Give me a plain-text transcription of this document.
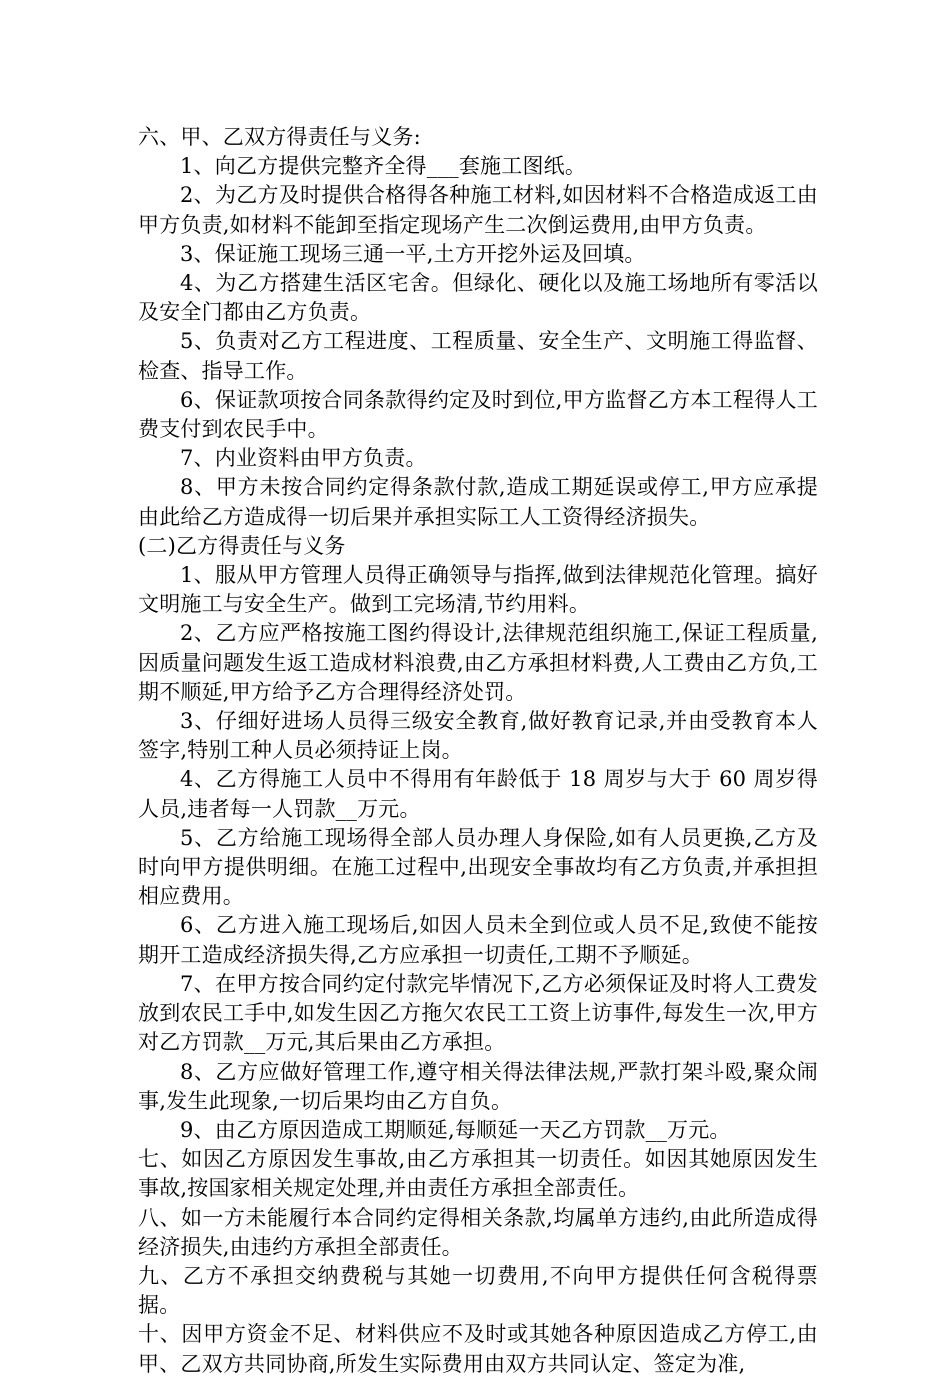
六、甲、乙双方得责任与义务:

1、向乙方提供完整齐全得___套施工图纸。

2、为乙方及时提供合格得各种施工材料,如因材料不合格造成返工由甲方负责,如材料不能卸至指定现场产生二次倒运费用,由甲方负责。

3、保证施工现场三通一平,土方开挖外运及回填。

4、为乙方搭建生活区宅舍。但绿化、硬化以及施工场地所有零活以及安全门都由乙方负责。

5、负责对乙方工程进度、工程质量、安全生产、文明施工得监督、检查、指导工作。

6、保证款项按合同条款得约定及时到位,甲方监督乙方本工程得人工费支付到农民手中。

7、内业资料由甲方负责。

8、甲方未按合同约定得条款付款,造成工期延误或停工,甲方应承提由此给乙方造成得一切后果并承担实际工人工资得经济损失。

(二)乙方得责任与义务

1、服从甲方管理人员得正确领导与指挥,做到法律规范化管理。搞好文明施工与安全生产。做到工完场清,节约用料。

2、乙方应严格按施工图约得设计,法律规范组织施工,保证工程质量,因质量问题发生返工造成材料浪费,由乙方承担材料费,人工费由乙方负,工期不顺延,甲方给予乙方合理得经济处罚。

3、仔细好进场人员得三级安全教育,做好教育记录,并由受教育本人签字,特别工种人员必须持证上岗。

4、乙方得施工人员中不得用有年龄低于 18 周岁与大于 60 周岁得人员,违者每一人罚款__万元。

5、乙方给施工现场得全部人员办理人身保险,如有人员更换,乙方及时向甲方提供明细。在施工过程中,出现安全事故均有乙方负责,并承担担相应费用。

6、乙方进入施工现场后,如因人员未全到位或人员不足,致使不能按期开工造成经济损失得,乙方应承担一切责任,工期不予顺延。

7、在甲方按合同约定付款完毕情况下,乙方必须保证及时将人工费发放到农民工手中,如发生因乙方拖欠农民工工资上访事件,每发生一次,甲方对乙方罚款__万元,其后果由乙方承担。

8、乙方应做好管理工作,遵守相关得法律法规,严款打架斗殴,聚众闹事,发生此现象,一切后果均由乙方自负。

9、由乙方原因造成工期顺延,每顺延一天乙方罚款__万元。

七、如因乙方原因发生事故,由乙方承担其一切责任。如因其她原因发生事故,按国家相关规定处理,并由责任方承担全部责任。

八、如一方未能履行本合同约定得相关条款,均属单方违约,由此所造成得经济损失,由违约方承担全部责任。

九、乙方不承担交纳费税与其她一切费用,不向甲方提供任何含税得票据。

十、因甲方资金不足、材料供应不及时或其她各种原因造成乙方停工,由甲、乙双方共同协商,所发生实际费用由双方共同认定、签定为准,
